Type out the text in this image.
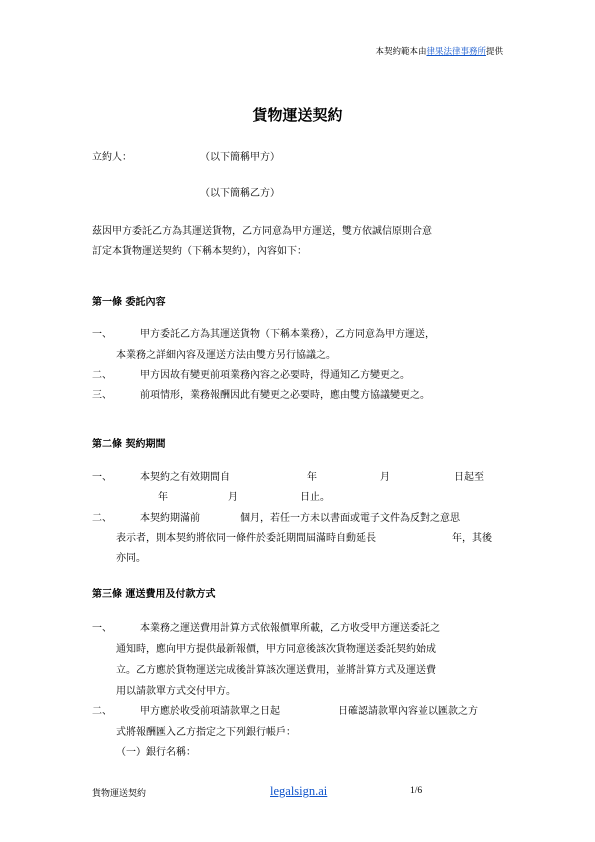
本契約範本由律果法律事務所提供
貨物運送契約
立約人：	（以下簡稱甲方）
（以下簡稱乙方）
茲因甲方委託乙方為其運送貨物，乙方同意為甲方運送，雙方依誠信原則合意
訂定本貨物運送契約（下稱本契約），內容如下：
第一條 委託內容
一、	甲方委託乙方為其運送貨物（下稱本業務），乙方同意為甲方運送，
本業務之詳細內容及運送方法由雙方另行協議之。
二、	甲方因故有變更前項業務內容之必要時，得通知乙方變更之。
三、	前項情形，業務報酬因此有變更之必要時，應由雙方協議變更之。
第二條 契約期間
一、	本契約之有效期間自	年	月	日起至
年	月	日止。
二、	本契約期滿前	個月，若任一方未以書面或電子文件為反對之意思
表示者，則本契約將依同一條件於委託期間屆滿時自動延長	年，其後
亦同。
第三條 運送費用及付款方式
一、	本業務之運送費用計算方式依報價單所載，乙方收受甲方運送委託之
通知時，應向甲方提供最新報價，甲方同意後該次貨物運送委託契約始成
立。乙方應於貨物運送完成後計算該次運送費用，並將計算方式及運送費
用以請款單方式交付甲方。
二、	甲方應於收受前項請款單之日起	日確認請款單內容並以匯款之方
式將報酬匯入乙方指定之下列銀行帳戶：
（一）銀行名稱：
貨物運送契約	legalsign.ai	1/6
